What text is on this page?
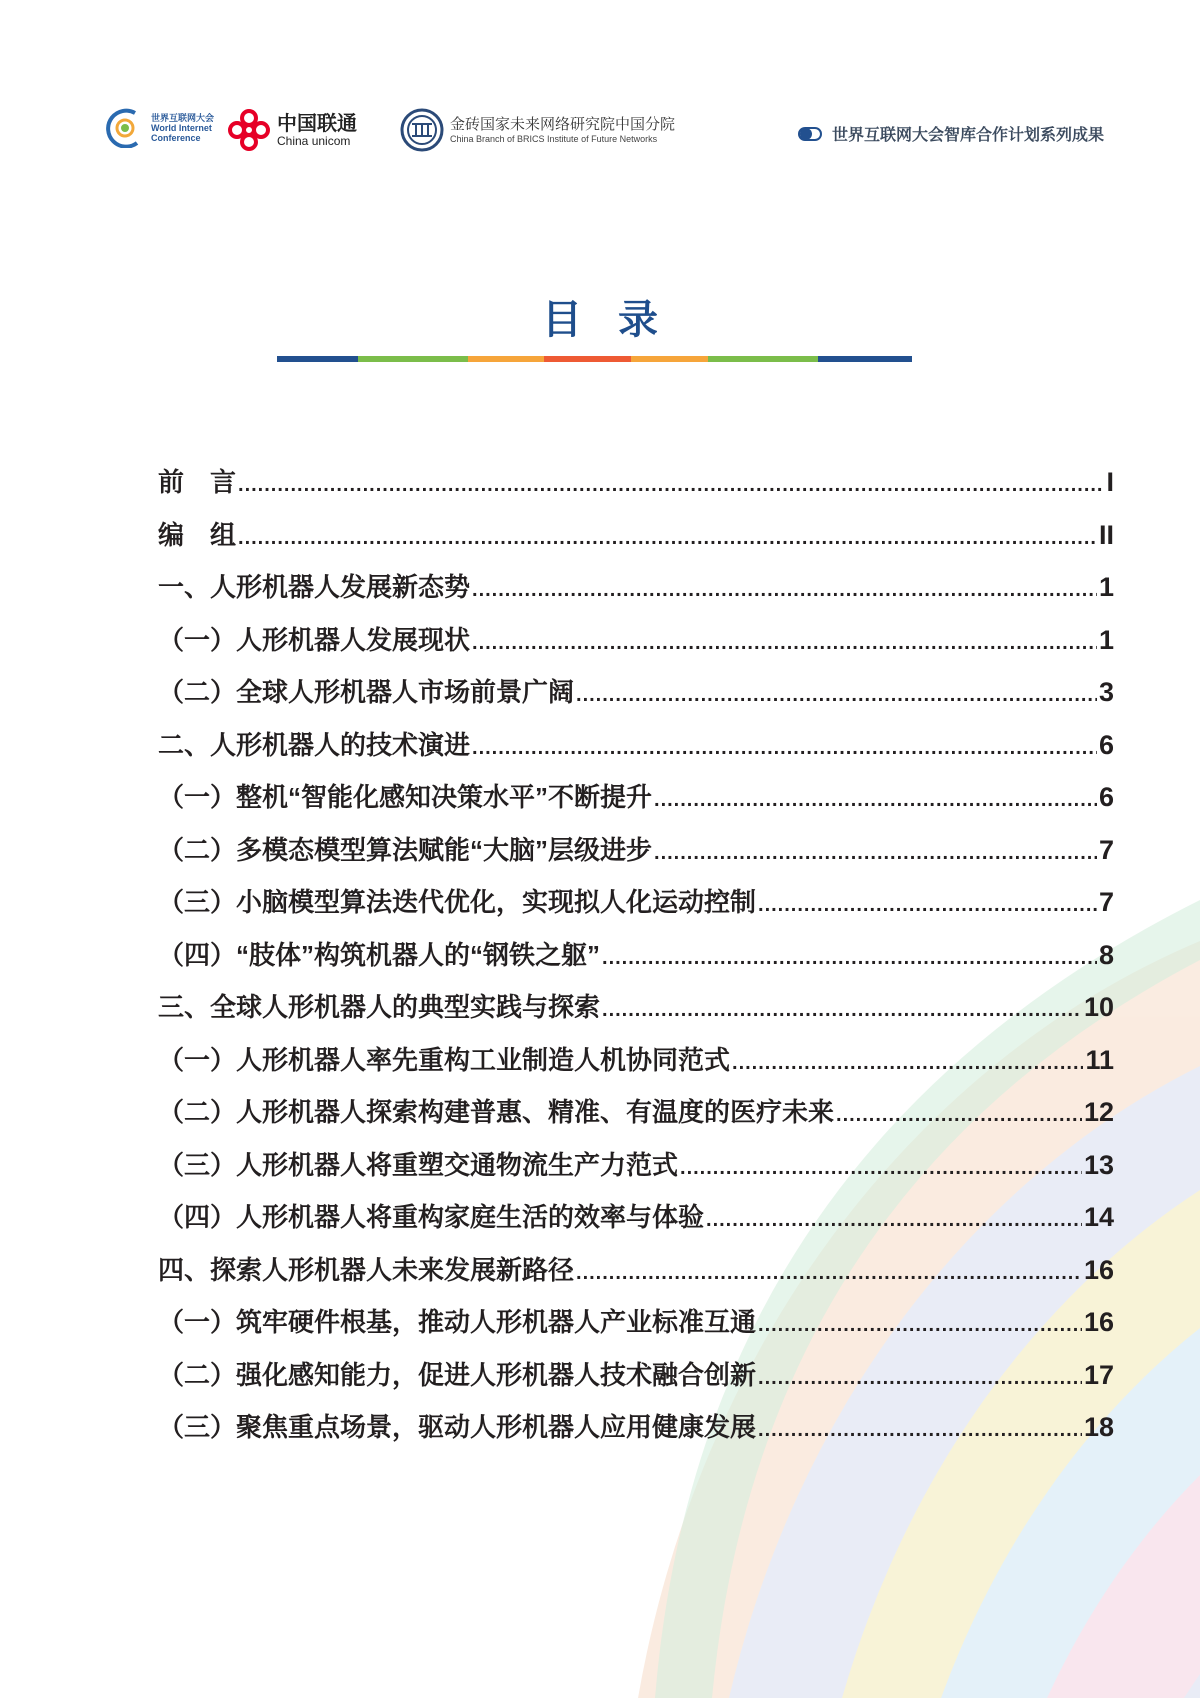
世界互联网大会
World Internet
Conference
中国联通
China unicom
金砖国家未来网络研究院中国分院
China Branch of BRICS Institute of Future Networks	世界互联网大会智库合作计划系列成果
目录
前　言 .....	I
编　组 .....	II
一、人形机器人发展新态势 .....	1
（一）人形机器人发展现状 .....	1
（二）全球人形机器人市场前景广阔 .....	3
二、人形机器人的技术演进 .....	6
（一）整机“智能化感知决策水平”不断提升 .....	6
（二）多模态模型算法赋能“大脑”层级进步 .....	7
（三）小脑模型算法迭代优化，实现拟人化运动控制 .....	7
（四）“肢体”构筑机器人的“钢铁之躯” .....	8
三、全球人形机器人的典型实践与探索 .....	10
（一）人形机器人率先重构工业制造人机协同范式 .....	11
（二）人形机器人探索构建普惠、精准、有温度的医疗未来 .....	12
（三）人形机器人将重塑交通物流生产力范式 .....	13
（四）人形机器人将重构家庭生活的效率与体验 .....	14
四、探索人形机器人未来发展新路径 .....	16
（一）筑牢硬件根基，推动人形机器人产业标准互通 .....	16
（二）强化感知能力，促进人形机器人技术融合创新 .....	17
（三）聚焦重点场景，驱动人形机器人应用健康发展 .....	18
